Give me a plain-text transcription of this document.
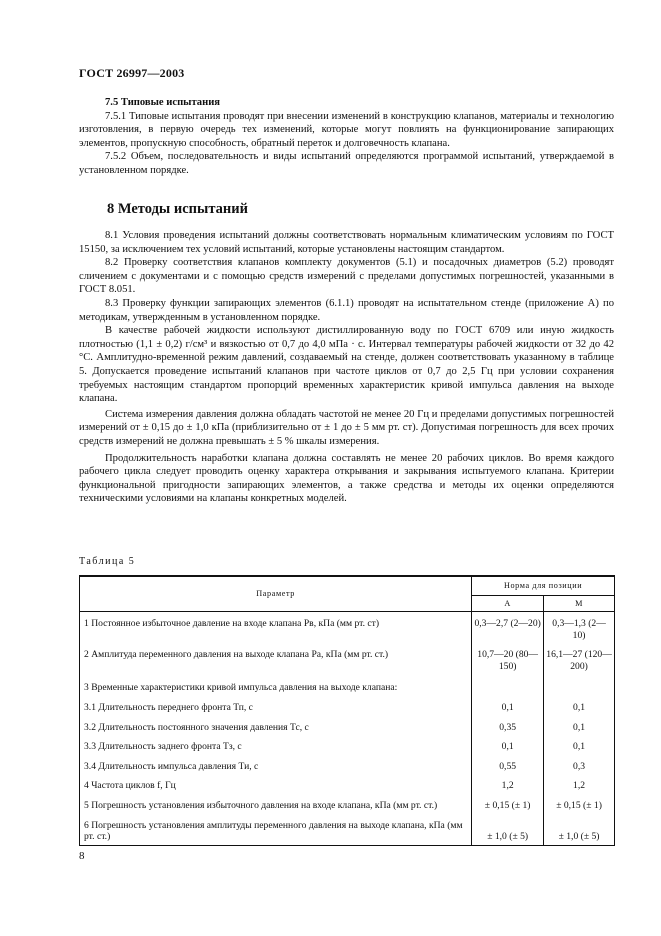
ГОСТ 26997—2003

7.5 Типовые испытания

7.5.1 Типовые испытания проводят при внесении изменений в конструкцию клапанов, материалы и технологию изготовления, в первую очередь тех изменений, которые могут повлиять на функционирование запирающих элементов, пропускную способность, обратный переток и долговечность клапана.

7.5.2 Объем, последовательность и виды испытаний определяются программой испытаний, утверждаемой в установленном порядке.

8 Методы испытаний

8.1 Условия проведения испытаний должны соответствовать нормальным климатическим условиям по ГОСТ 15150, за исключением тех условий испытаний, которые установлены настоящим стандартом.

8.2 Проверку соответствия клапанов комплекту документов (5.1) и посадочных диаметров (5.2) проводят сличением с документами и с помощью средств измерений с пределами допустимых погрешностей, указанными в ГОСТ 8.051.

8.3 Проверку функции запирающих элементов (6.1.1) проводят на испытательном стенде (приложение А) по методикам, утвержденным в установленном порядке.

В качестве рабочей жидкости используют дистиллированную воду по ГОСТ 6709 или иную жидкость плотностью (1,1 ± 0,2) г/см³ и вязкостью от 0,7 до 4,0 мПа · с. Интервал температуры рабочей жидкости от 32 до 42 °С. Амплитудно-временной режим давлений, создаваемый на стенде, должен соответствовать указанному в таблице 5. Допускается проведение испытаний клапанов при частоте циклов от 0,7 до 2,5 Гц при условии сохранения требуемых настоящим стандартом пропорций временных характеристик кривой импульса давления на выходе клапана.

Система измерения давления должна обладать частотой не менее 20 Гц и пределами допустимых погрешностей измерений от ± 0,15 до ± 1,0 кПа (приблизительно от ± 1 до ± 5 мм рт. ст). Допустимая погрешность для всех прочих средств измерений не должна превышать ± 5 % шкалы измерения.

Продолжительность наработки клапана должна составлять не менее 20 рабочих циклов. Во время каждого рабочего цикла следует проводить оценку характера открывания и закрывания испытуемого клапана. Критерии функциональной пригодности запирающих элементов, а также средства и методы их оценки определяются техническими условиями на клапаны конкретных моделей.

Таблица 5
Параметр	Норма для позиции	
	А	М
1 Постоянное избыточное давление на входе клапана Рв, кПа (мм рт. ст)	0,3—2,7 (2—20)	0,3—1,3 (2—10)
2 Амплитуда переменного давления на выходе клапана Ра, кПа (мм рт. ст.)	10,7—20 (80—150)	16,1—27 (120—200)
3 Временные характеристики кривой импульса давления на выходе клапана:		
3.1 Длительность переднего фронта Тп, с	0,1	0,1
3.2 Длительность постоянного значения давления Тс, с	0,35	0,1
3.3 Длительность заднего фронта Тз, с	0,1	0,1
3.4 Длительность импульса давления Ти, с	0,55	0,3
4 Частота циклов f, Гц	1,2	1,2
5 Погрешность установления избыточного давления на входе клапана, кПа (мм рт. ст.)	± 0,15 (± 1)	± 0,15 (± 1)
6 Погрешность установления амплитуды переменного давления на выходе клапана, кПа (мм рт. ст.)	± 1,0 (± 5)	± 1,0 (± 5)
8
